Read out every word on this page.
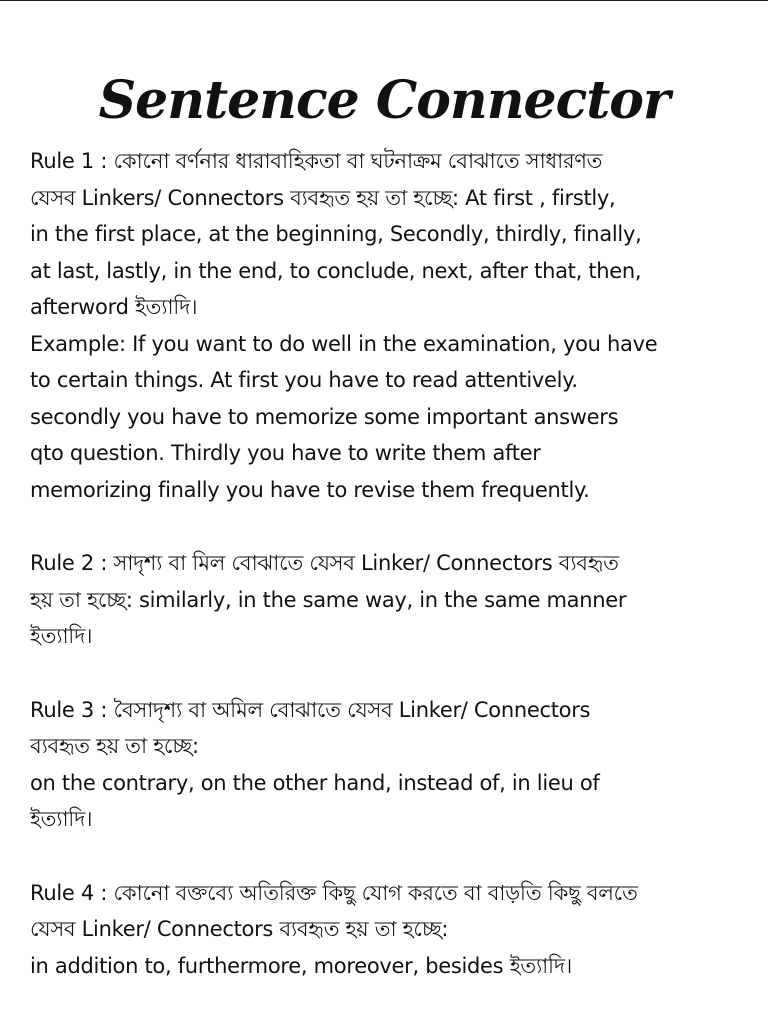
Sentence Connector
Rule 1 : কোনো বর্ণনার ধারাবাহিকতা বা ঘটনাক্রম বোঝাতে সাধারণত
যেসব Linkers/ Connectors ব্যবহৃত হয় তা হচ্ছে: At first , firstly,
in the first place, at the beginning, Secondly, thirdly, finally,
at last, lastly, in the end, to conclude, next, after that, then,
afterword ইত্যাদি।
Example: If you want to do well in the examination, you have
to certain things. At first you have to read attentively.
secondly you have to memorize some important answers
qto question. Thirdly you have to write them after
memorizing finally you have to revise them frequently.
Rule 2 : সাদৃশ্য বা মিল বোঝাতে যেসব Linker/ Connectors ব্যবহৃত
হয় তা হচ্ছে: similarly, in the same way, in the same manner
ইত্যাদি।
Rule 3 : বৈসাদৃশ্য বা অমিল বোঝাতে যেসব Linker/ Connectors
ব্যবহৃত হয় তা হচ্ছে:
on the contrary, on the other hand, instead of, in lieu of
ইত্যাদি।
Rule 4 : কোনো বক্তব্যে অতিরিক্ত কিছু যোগ করতে বা বাড়তি কিছু বলতে
যেসব Linker/ Connectors ব্যবহৃত হয় তা হচ্ছে:
in addition to, furthermore, moreover, besides ইত্যাদি।
